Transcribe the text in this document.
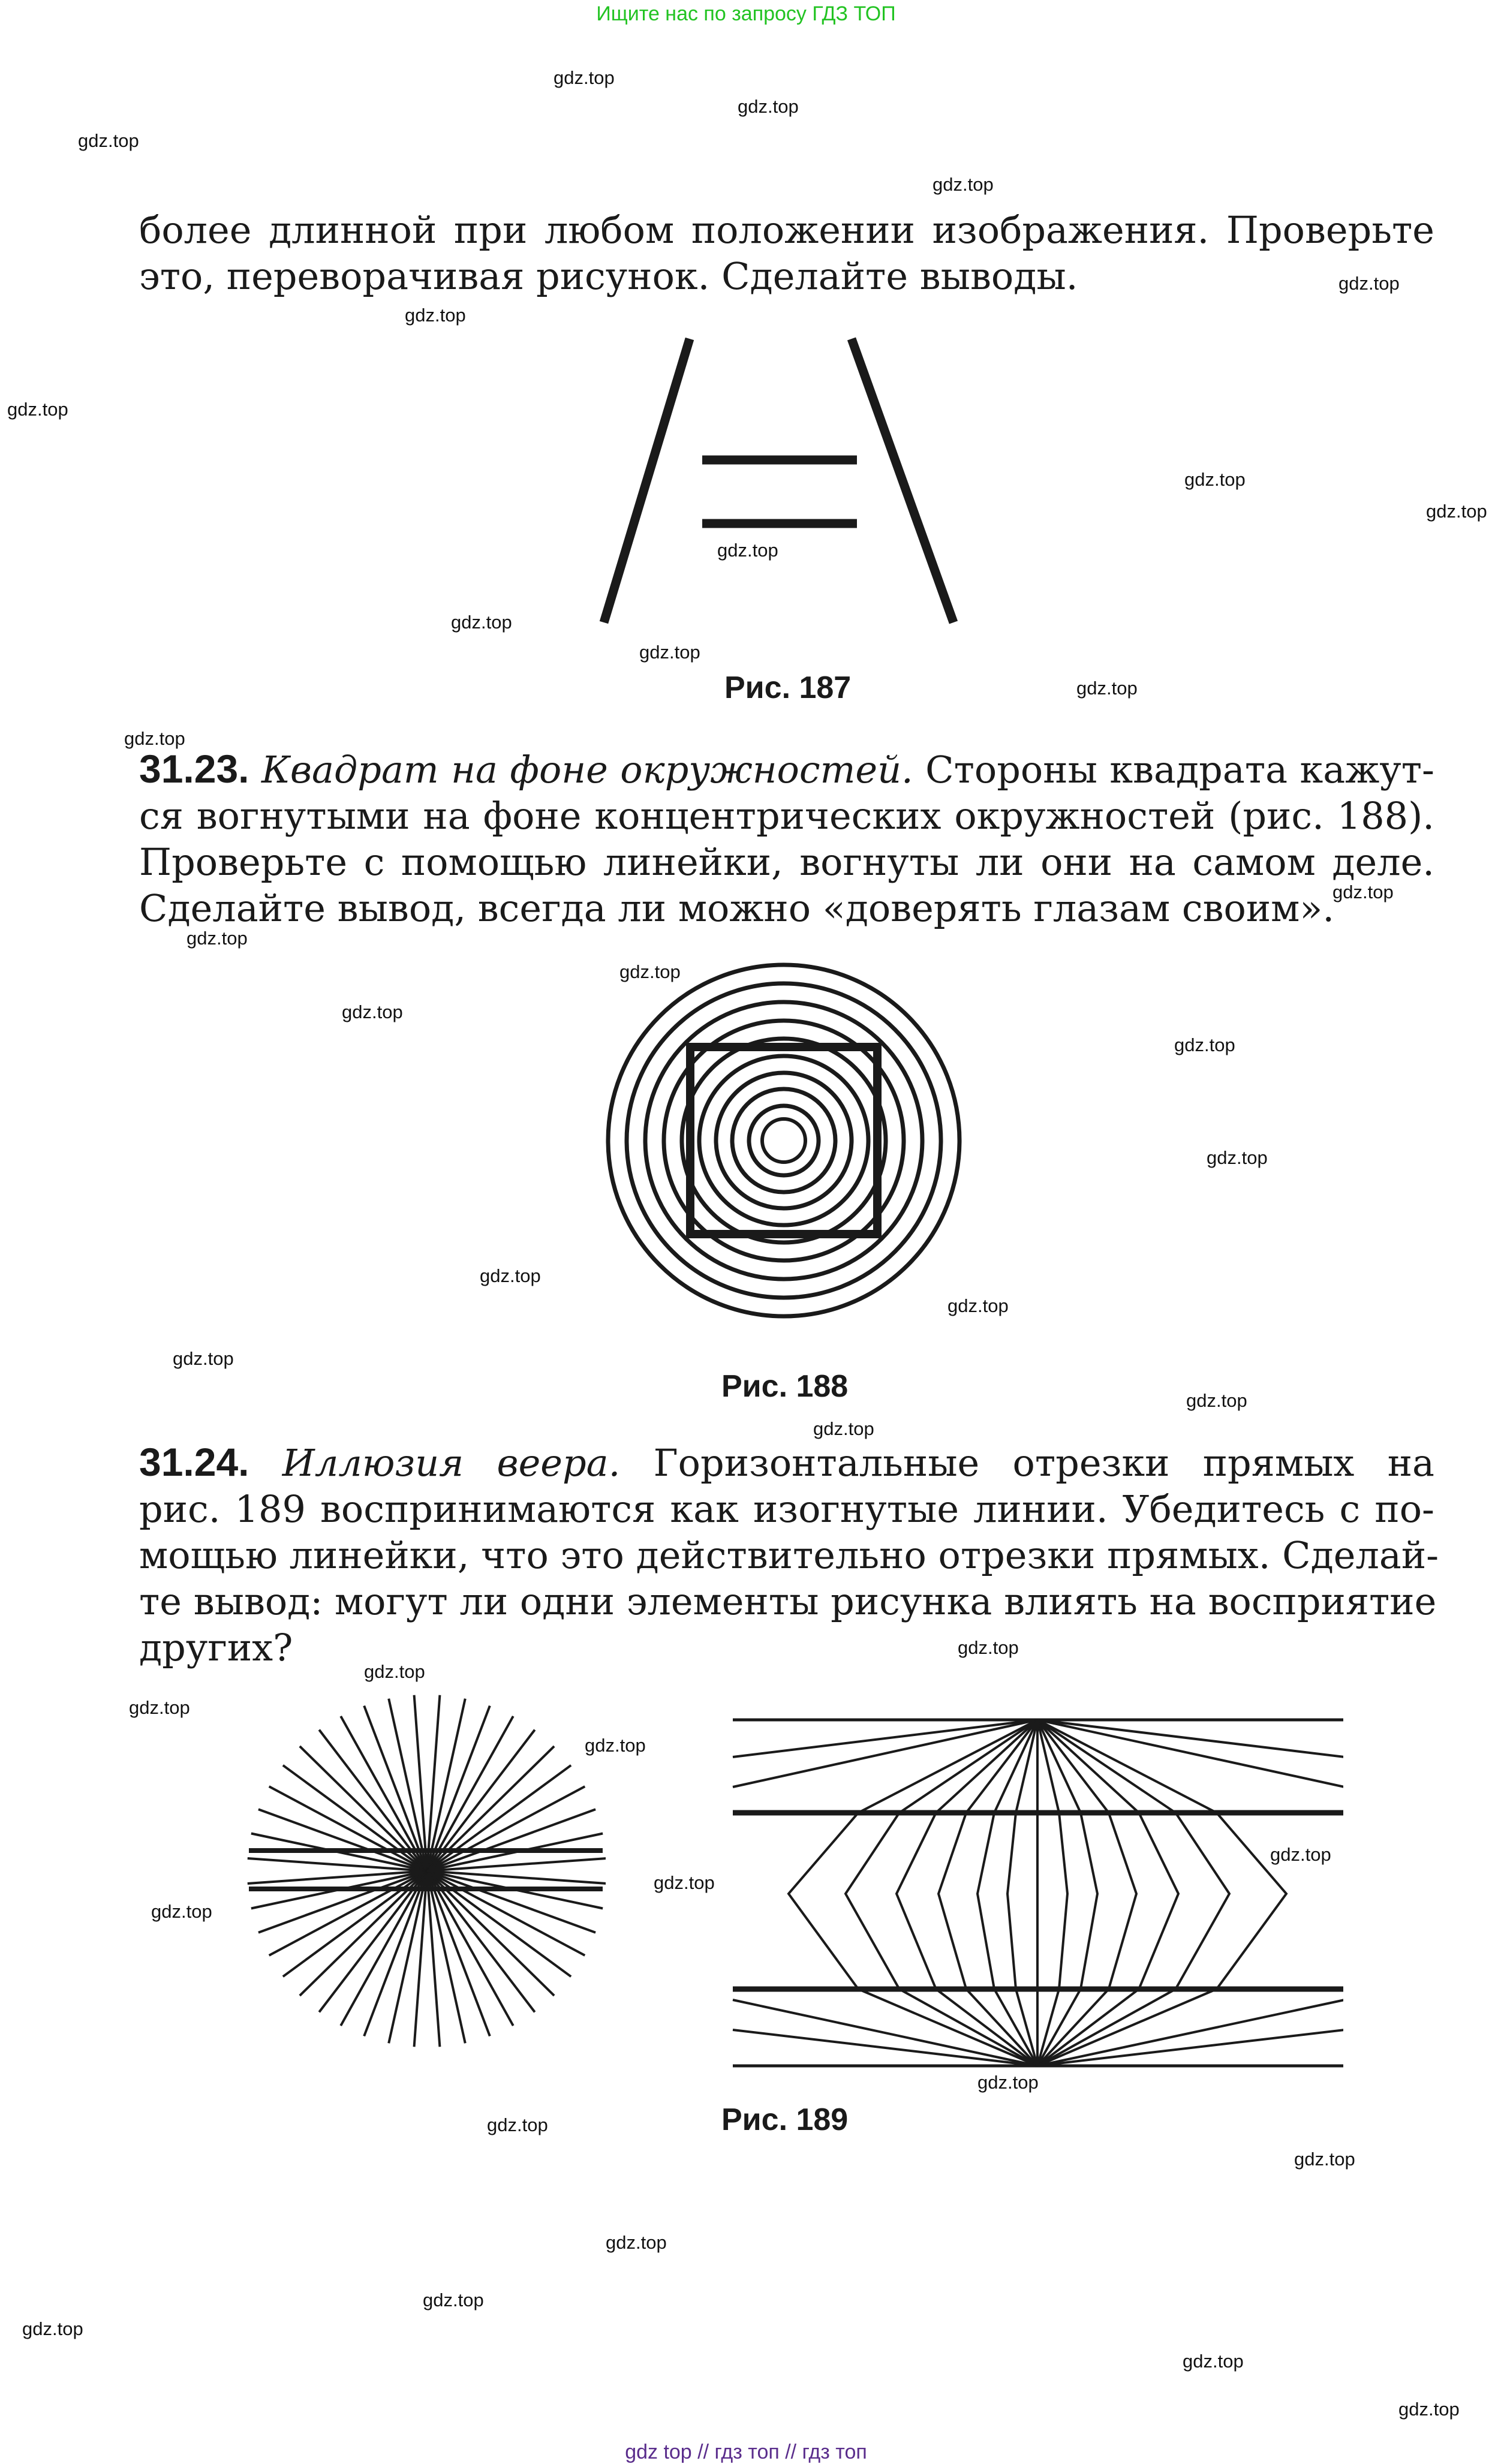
Ищите нас по запросу ГДЗ ТОП
более длинной при любом положении изображения. Проверьте
это, переворачивая рисунок. Сделайте выводы.
Рис. 187
31.23. Квадрат на фоне окружностей. Стороны квадрата кажут-
ся вогнутыми на фоне концентрических окружностей (рис. 188).
Проверьте с помощью линейки, вогнуты ли они на самом деле.
Сделайте вывод, всегда ли можно «доверять глазам своим».
Рис. 188
31.24. Иллюзия веера. Горизонтальные отрезки прямых на
рис. 189 воспринимаются как изогнутые линии. Убедитесь с по-
мощью линейки, что это действительно отрезки прямых. Сделай-
те вывод: могут ли одни элементы рисунка влиять на восприятие
других?
Рис. 189
gdz.top
gdz.top
gdz.top
gdz.top
gdz.top
gdz.top
gdz.top
gdz.top
gdz.top
gdz.top
gdz.top
gdz.top
gdz.top
gdz.top
gdz.top
gdz.top
gdz.top
gdz.top
gdz.top
gdz.top
gdz.top
gdz.top
gdz.top
gdz.top
gdz.top
gdz.top
gdz.top
gdz.top
gdz.top
gdz.top
gdz.top
gdz.top
gdz.top
gdz.top
gdz.top
gdz.top
gdz.top
gdz.top
gdz.top
gdz.top
gdz top // гдз топ // гдз топ
